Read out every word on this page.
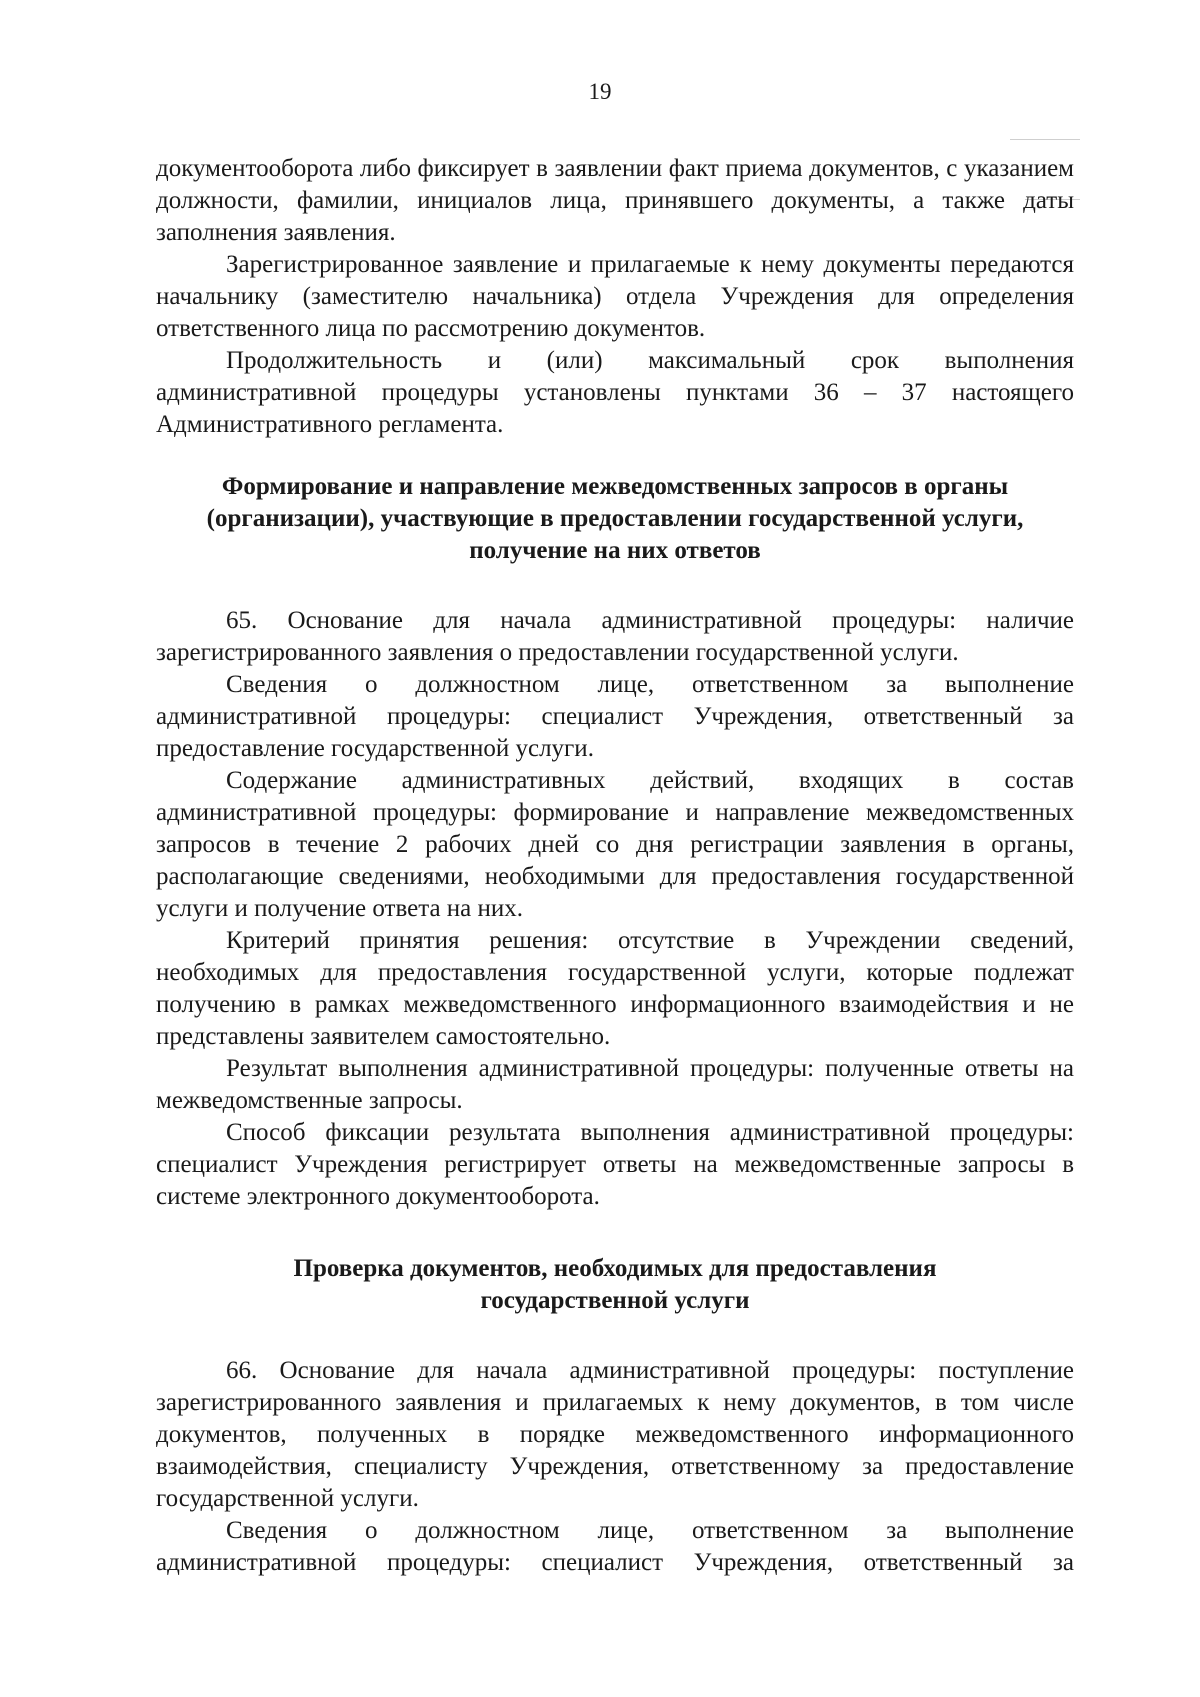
19

документооборота либо фиксирует в заявлении факт приема документов, с указанием должности, фамилии, инициалов лица, принявшего документы, а также даты заполнения заявления.

Зарегистрированное заявление и прилагаемые к нему документы передаются начальнику (заместителю начальника) отдела Учреждения для определения ответственного лица по рассмотрению документов.

Продолжительность и (или) максимальный срок выполнения административной процедуры установлены пунктами 36 – 37 настоящего Административного регламента.

Формирование и направление межведомственных запросов в органы (организации), участвующие в предоставлении государственной услуги, получение на них ответов

65. Основание для начала административной процедуры: наличие зарегистрированного заявления о предоставлении государственной услуги.

Сведения о должностном лице, ответственном за выполнение административной процедуры: специалист Учреждения, ответственный за предоставление государственной услуги.

Содержание административных действий, входящих в состав административной процедуры: формирование и направление межведомственных запросов в течение 2 рабочих дней со дня регистрации заявления в органы, располагающие сведениями, необходимыми для предоставления государственной услуги и получение ответа на них.

Критерий принятия решения: отсутствие в Учреждении сведений, необходимых для предоставления государственной услуги, которые подлежат получению в рамках межведомственного информационного взаимодействия и не представлены заявителем самостоятельно.

Результат выполнения административной процедуры: полученные ответы на межведомственные запросы.

Способ фиксации результата выполнения административной процедуры: специалист Учреждения регистрирует ответы на межведомственные запросы в системе электронного документооборота.

Проверка документов, необходимых для предоставления государственной услуги

66. Основание для начала административной процедуры: поступление зарегистрированного заявления и прилагаемых к нему документов, в том числе документов, полученных в порядке межведомственного информационного взаимодействия, специалисту Учреждения, ответственному за предоставление государственной услуги.

Сведения о должностном лице, ответственном за выполнение административной процедуры: специалист Учреждения, ответственный за
